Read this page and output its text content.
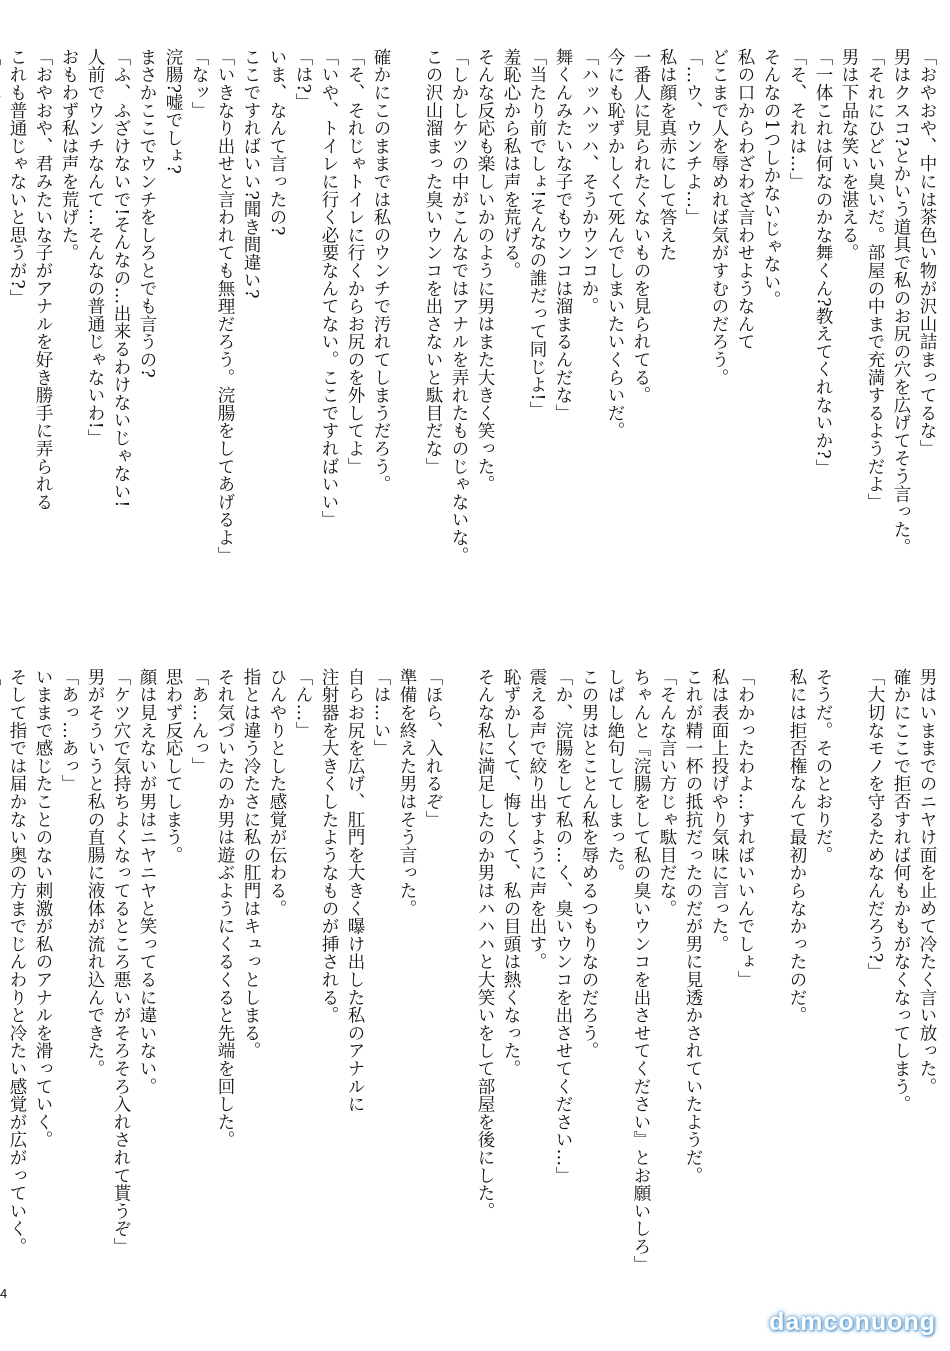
「おやおや、中には茶色い物が沢山詰まってるな」
男はクスコ?とかいう道具で私のお尻の穴を広げてそう言った。
「それにひどい臭いだ。部屋の中まで充満するようだよ」
男は下品な笑いを湛える。
「一体これは何なのかな舞くん?教えてくれないか?」
「そ、それは…」
そんなの1つしかないじゃない。
私の口からわざわざ言わせようなんて
どこまで人を辱めれば気がすむのだろう。
「…ウ、ウンチよ…」
私は顔を真赤にして答えた
一番人に見られたくないものを見られてる。
今にも恥ずかしくて死んでしまいたいくらいだ。
「ハッハッハ、そうかウンコか。
舞くんみたいな子でもウンコは溜まるんだな」
「当たり前でしょ!そんなの誰だって同じよ!」
羞恥心から私は声を荒げる。
そんな反応も楽しいかのように男はまた大きく笑った。
「しかしケツの中がこんなではアナルを弄れたものじゃないな。
この沢山溜まった臭いウンコを出さないと駄目だな」

確かにこのままでは私のウンチで汚れてしまうだろう。
「そ、それじゃトイレに行くからお尻のを外してよ」
「いや、トイレに行く必要なんてない。ここですればいい」
「は?」
いま、なんて言ったの?
ここですればいい?聞き間違い?
「いきなり出せと言われても無理だろう。浣腸をしてあげるよ」
「なッ」
浣腸?嘘でしょ?
まさかここでウンチをしろとでも言うの?
「ふ、ふざけないで!そんなの…出来るわけないじゃない!
人前でウンチなんて…そんなの普通じゃないわ!」
おもわず私は声を荒げた。
「おやおや、君みたいな子がアナルを好き勝手に弄られる
これも普通じゃないと思うが?」
男はいままでのニヤけ面を止めて冷たく言い放った。
確かにここで拒否すれば何もかもがなくなってしまう。
「大切なモノを守るためなんだろう?」

そうだ。そのとおりだ。
私には拒否権なんて最初からなかったのだ。

「わかったわよ…すればいいんでしょ」
私は表面上投げやり気味に言った。
これが精一杯の抵抗だったのだが男に見透かされていたようだ。
「そんな言い方じゃ駄目だな。
ちゃんと『浣腸をして私の臭いウンコを出させてください』とお願いしろ」
しばし絶句してしまった。
この男はとことん私を辱めるつもりなのだろう。
「か、浣腸をして私の…く、臭いウンコを出させてください…」
震える声で絞り出すように声を出す。
恥ずかしくて、悔しくて、私の目頭は熱くなった。
そんな私に満足したのか男はハハハと大笑いをして部屋を後にした。

「ほら、入れるぞ」
準備を終えた男はそう言った。
「は…い」
自らお尻を広げ、肛門を大きく曝け出した私のアナルに
注射器を大きくしたようなものが挿される。
「ん…」
ひんやりとした感覚が伝わる。
指とは違う冷たさに私の肛門はキュっとしまる。
それ気づいたのか男は遊ぶようにくるくると先端を回した。
「あ…んっ」
思わず反応してしまう。
顔は見えないが男はニヤニヤと笑ってるに違いない。
「ケツ穴で気持ちよくなってるところ悪いがそろそろ入れされて貰うぞ」
男がそういうと私の直腸に液体が流れ込んできた。
「あっ…あっ」
いままで感じたことのない刺激が私のアナルを滑っていく。
そして指では届かない奥の方までじんわりと冷たい感覚が広がっていく。

4
damconuong
